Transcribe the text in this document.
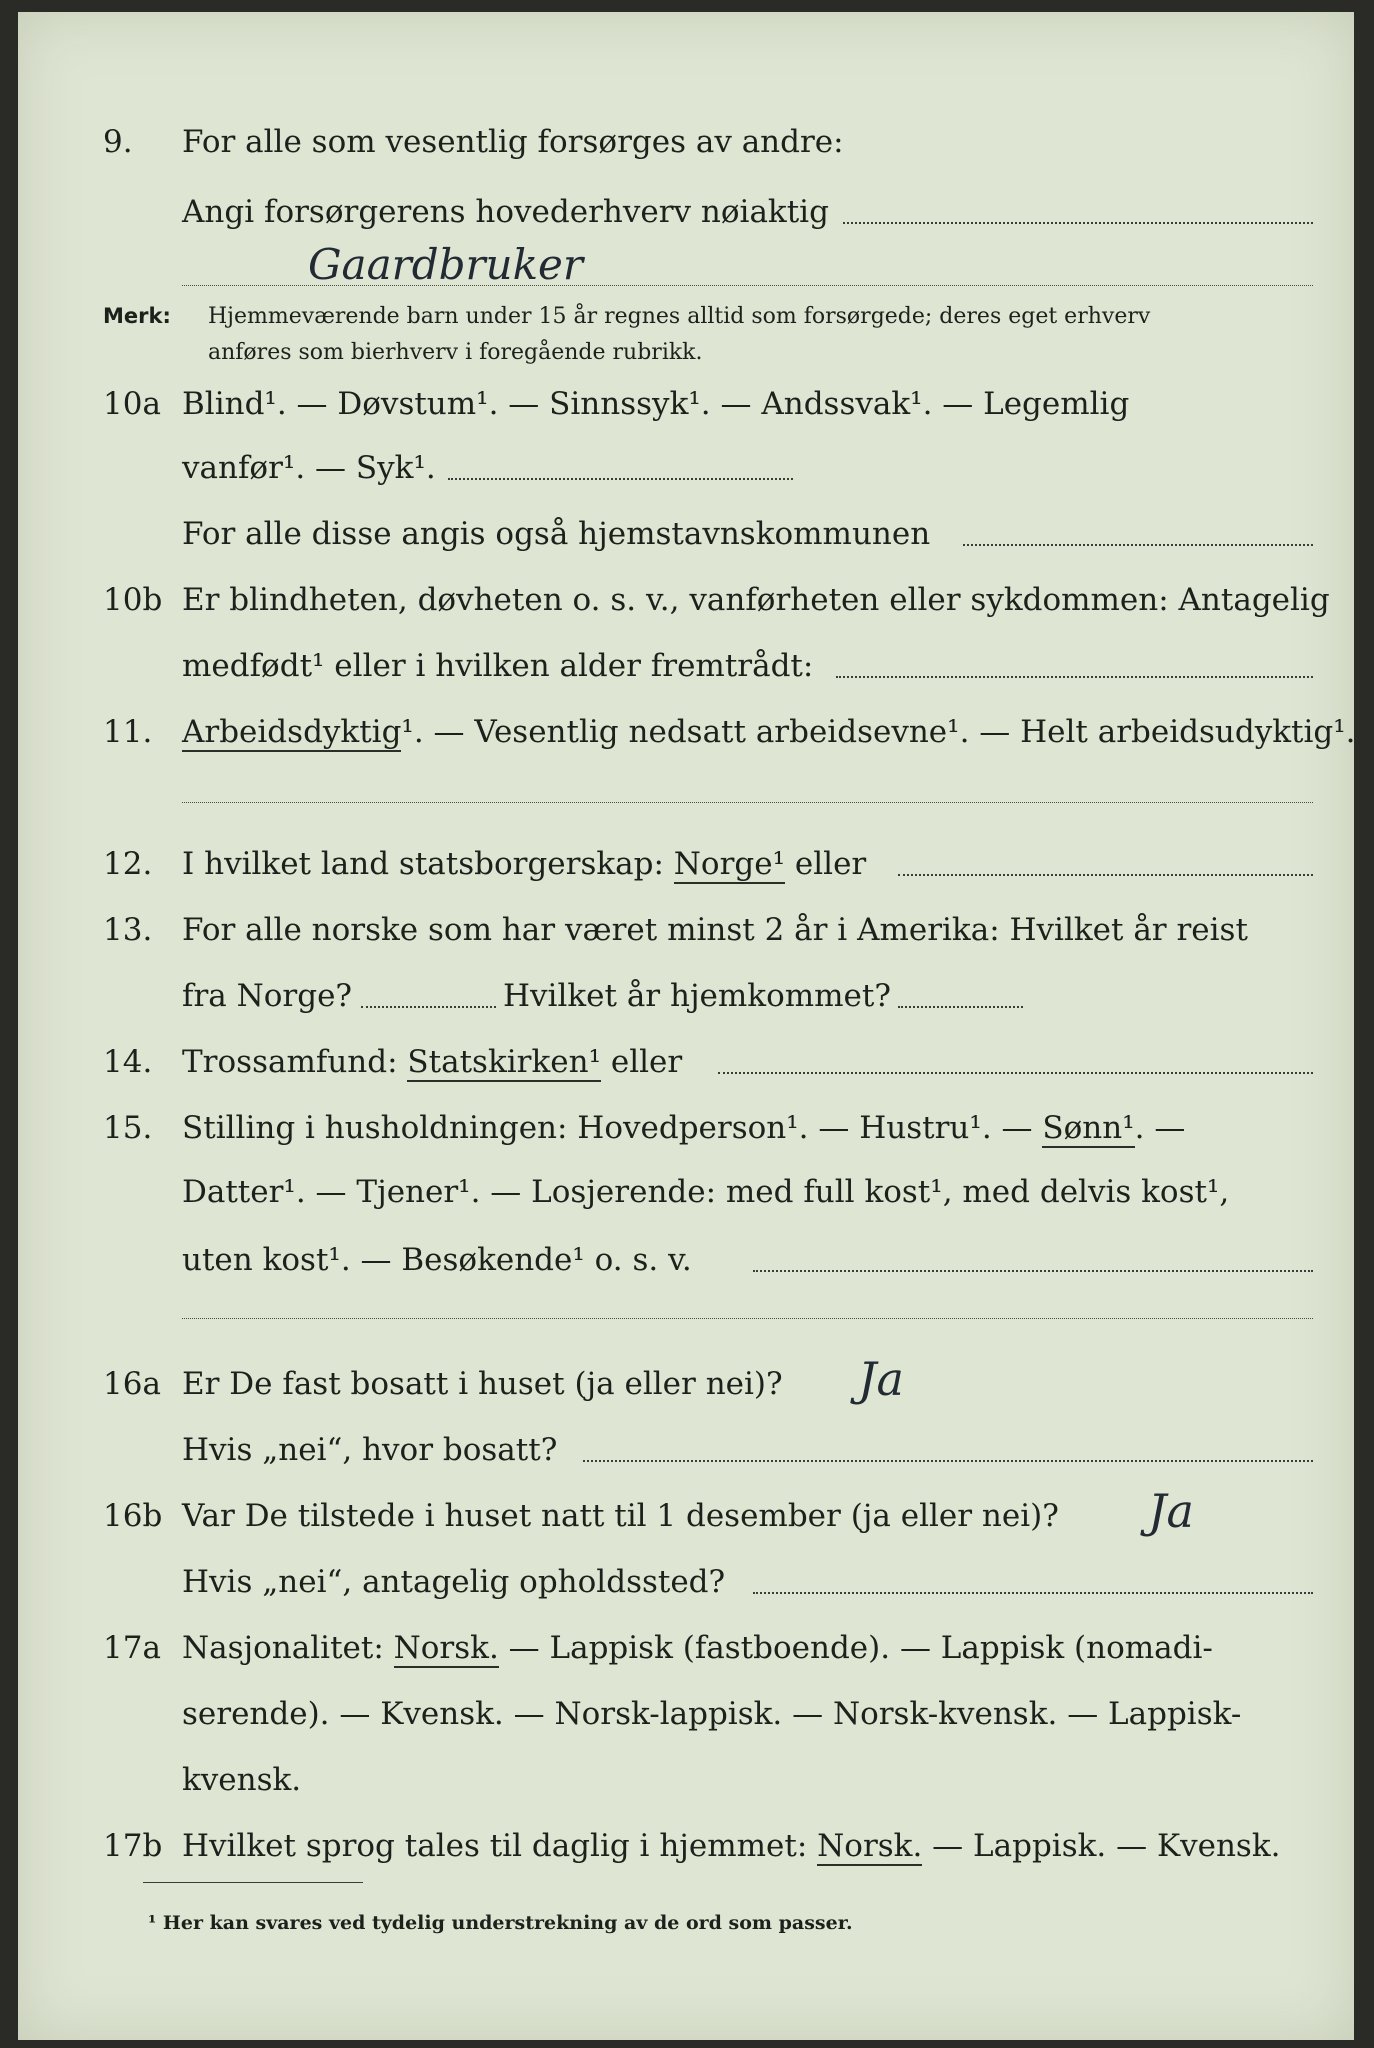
9. For alle som vesentlig forsørges av andre:
Angi forsørgerens hovederhverv nøiaktig
Gaardbruker
Merk: Hjemmeværende barn under 15 år regnes alltid som forsørgede; deres eget erhverv
anføres som bierhverv i foregående rubrikk.
10a Blind¹. — Døvstum¹. — Sinnssyk¹. — Andssvak¹. — Legemlig
vanfør¹. — Syk¹.
For alle disse angis også hjemstavnskommunen
10b Er blindheten, døvheten o. s. v., vanførheten eller sykdommen: Antagelig
medfødt¹ eller i hvilken alder fremtrådt:
11. Arbeidsdyktig¹. — Vesentlig nedsatt arbeidsevne¹. — Helt arbeidsudyktig¹.
12. I hvilket land statsborgerskap: Norge¹ eller
13. For alle norske som har været minst 2 år i Amerika: Hvilket år reist
fra Norge?	Hvilket år hjemkommet?
14. Trossamfund: Statskirken¹ eller
15. Stilling i husholdningen: Hovedperson¹. — Hustru¹. — Sønn¹. —
Datter¹. — Tjener¹. — Losjerende: med full kost¹, med delvis kost¹,
uten kost¹. — Besøkende¹ o. s. v.
16a Er De fast bosatt i huset (ja eller nei)? Ja
Hvis „nei“, hvor bosatt?
16b Var De tilstede i huset natt til 1 desember (ja eller nei)? Ja
Hvis „nei“, antagelig opholdssted?
17a Nasjonalitet: Norsk. — Lappisk (fastboende). — Lappisk (nomadi-
serende). — Kvensk. — Norsk-lappisk. — Norsk-kvensk. — Lappisk-
kvensk.
17b Hvilket sprog tales til daglig i hjemmet: Norsk. — Lappisk. — Kvensk.
¹ Her kan svares ved tydelig understrekning av de ord som passer.
